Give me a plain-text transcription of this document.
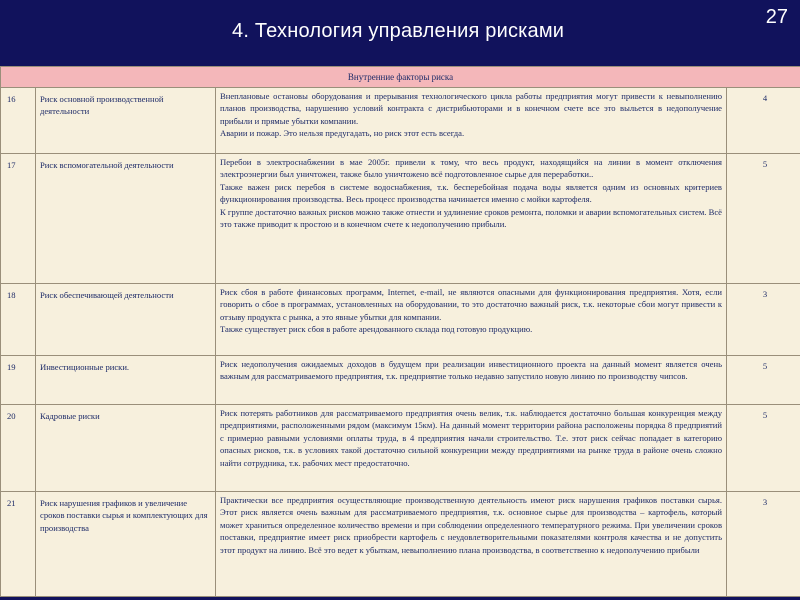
4. Технология управления рисками
27
Внутренние факторы риска			
16	Риск основной производственной деятельности	Внеплановые остановы оборудования и прерывания технологического цикла работы предприятия могут привести к невыполнению планов производства, нарушению условий контракта с дистрибьюторами и в конечном счете все это выльется в недополучение прибыли и прямые убытки компании.

Аварии и пожар. Это нельзя предугадать, но риск этот есть всегда.	4
17	Риск вспомогательной деятельности	Перебои в электроснабжении в мае 2005г. привели к тому, что весь продукт, находящийся на линии в момент отключения электроэнергии был уничтожен, также было уничтожено всё подготовленное сырье для переработки..

Также важен риск перебоя в системе водоснабжения, т.к. бесперебойная подача воды является одним из основных критериев функционирования производства. Весь процесс производства начинается именно с мойки картофеля.

К группе достаточно важных рисков можно также отнести и удлинение сроков ремонта, поломки и аварии вспомогательных систем. Всё это также приводит к простою и в конечном счете к недополучению прибыли.	5
18	Риск обеспечивающей деятельности	Риск сбоя в работе финансовых программ, Internet, e-mail, не являются опасными для функционирования предприятия. Хотя, если говорить о сбое в программах, установленных на оборудовании, то это достаточно важный риск, т.к. некоторые сбои могут привести к отзыву продукта с рынка, а это явные убытки для компании.

Также существует риск сбоя в работе арендованного склада под готовую продукцию.	3
19	Инвестиционные риски.	Риск недополучения ожидаемых доходов в будущем при реализации инвестиционного проекта на данный момент является очень важным для рассматриваемого предприятия, т.к. предприятие только недавно запустило новую линию по производству чипсов.	5
20	Кадровые риски	Риск потерять работников для рассматриваемого предприятия очень велик, т.к. наблюдается достаточно большая конкуренция между предприятиями, расположенными рядом (максимум 15км). На данный момент территории района расположены порядка 8 предприятий с примерно равными условиями оплаты труда, в 4 предприятия начали строительство. Т.е. этот риск сейчас попадает в категорию опасных рисков, т.к. в условиях такой достаточно сильной конкуренции между предприятиями на рынке труда в районе очень сложно найти сотрудника, т.к. рабочих мест предостаточно.	5
21	Риск нарушения графиков и увеличение сроков поставки сырья и комплектующих для производства	Практически все предприятия осуществляющие производственную деятельность имеют риск нарушения графиков поставки сырья. Этот риск является очень важным для рассматриваемого предприятия, т.к. основное сырье для производства – картофель, который может храниться определенное количество времени и при соблюдении определенного температурного режима. При увеличении сроков поставки, предприятие имеет риск приобрести картофель с неудовлетворительными показателями контроля качества и не допустить этот продукт на линию. Всё это ведет к убыткам, невыполнению плана производства, в соответственно к недополучению прибыли	3
